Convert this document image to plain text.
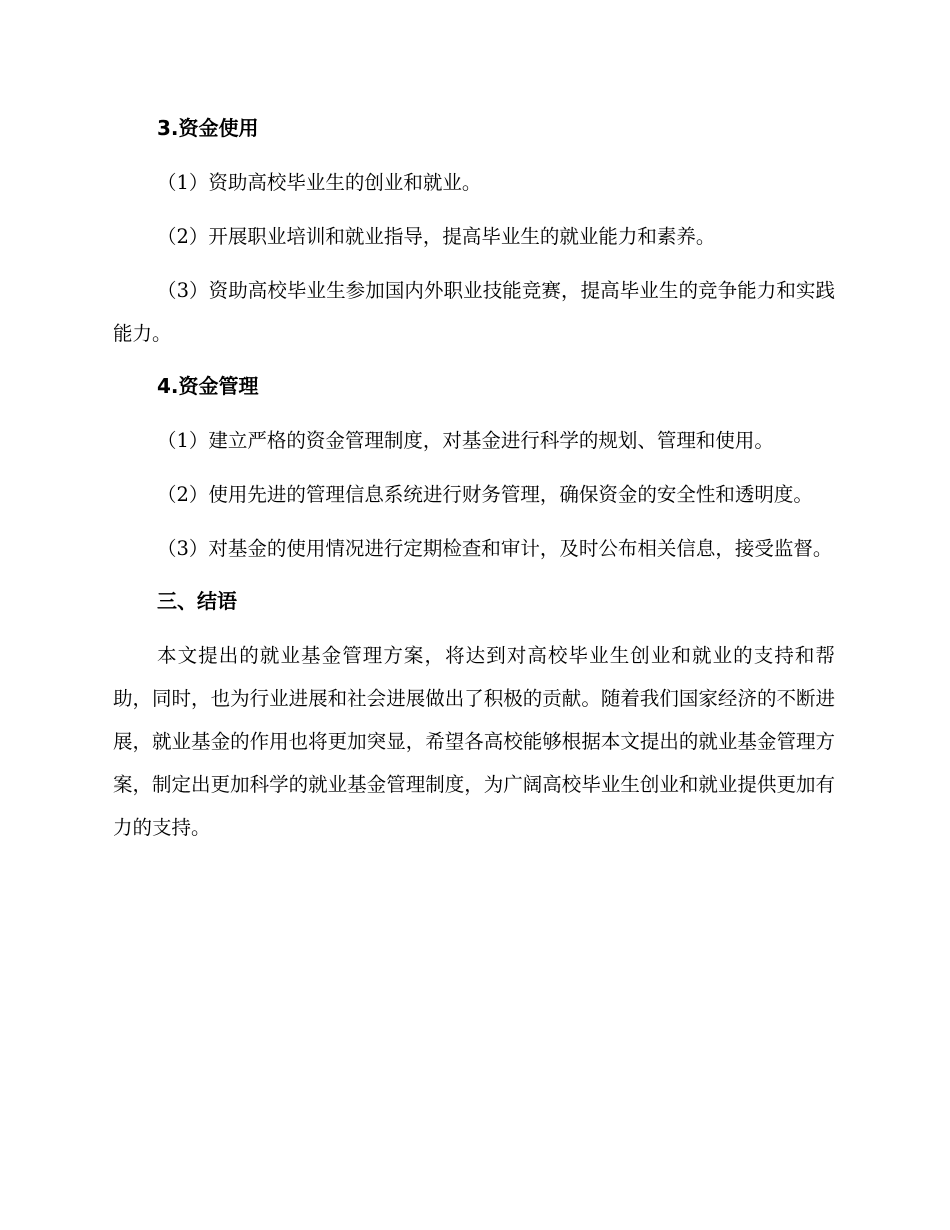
3.资金使用

（1）资助高校毕业生的创业和就业。

（2）开展职业培训和就业指导，提高毕业生的就业能力和素养。

（3）资助高校毕业生参加国内外职业技能竞赛，提高毕业生的竞争能力和实践能力。

4.资金管理

（1）建立严格的资金管理制度，对基金进行科学的规划、管理和使用。

（2）使用先进的管理信息系统进行财务管理，确保资金的安全性和透明度。

（3）对基金的使用情况进行定期检查和审计，及时公布相关信息，接受监督。

三、结语

本文提出的就业基金管理方案，将达到对高校毕业生创业和就业的支持和帮助，同时，也为行业进展和社会进展做出了积极的贡献。随着我们国家经济的不断进展，就业基金的作用也将更加突显，希望各高校能够根据本文提出的就业基金管理方案，制定出更加科学的就业基金管理制度，为广阔高校毕业生创业和就业提供更加有力的支持。
